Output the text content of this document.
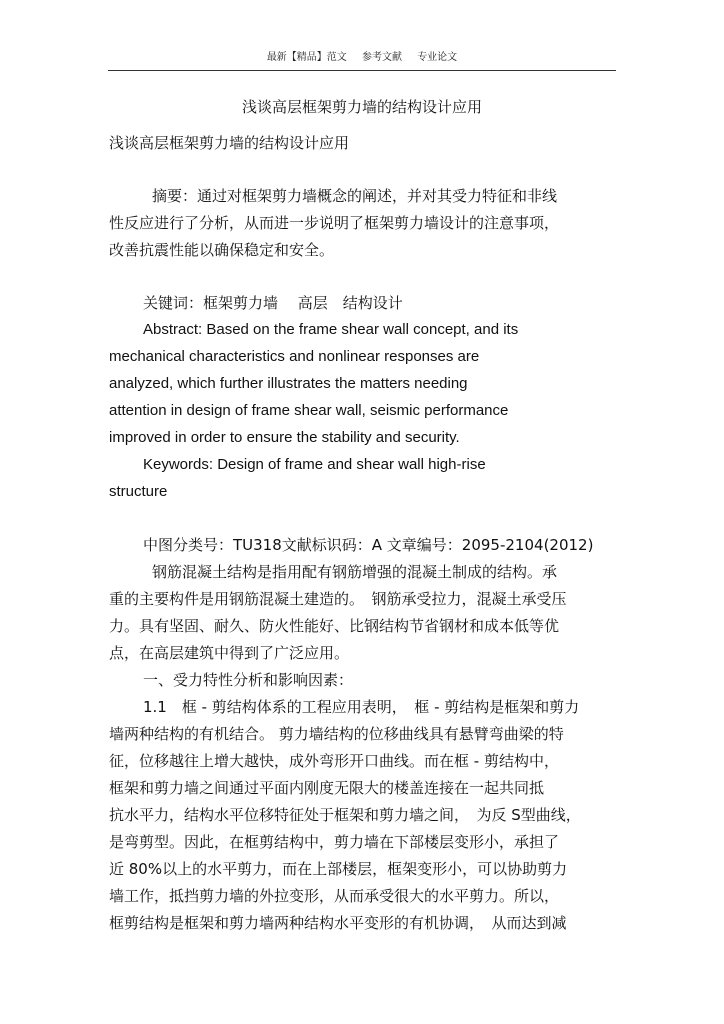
最新【精品】范文 参考文献 专业论文
浅谈高层框架剪力墙的结构设计应用
浅谈高层框架剪力墙的结构设计应用
摘要：通过对框架剪力墙概念的阐述，并对其受力特征和非线
性反应进行了分析，从而进一步说明了框架剪力墙设计的注意事项，
改善抗震性能以确保稳定和安全。
关键词：框架剪力墙　 高层　结构设计
Abstract: Based on the frame shear wall concept, and its
mechanical characteristics and nonlinear responses are
analyzed, which further illustrates the matters needing
attention in design of frame shear wall, seismic performance
improved in order to ensure the stability and security.
Keywords: Design of frame and shear wall high-rise
structure
中图分类号：TU318文献标识码：A 文章编号：2095-2104(2012)
钢筋混凝土结构是指用配有钢筋增强的混凝土制成的结构。承
重的主要构件是用钢筋混凝土建造的。　钢筋承受拉力，混凝土承受压
力。具有坚固、耐久、防火性能好、比钢结构节省钢材和成本低等优
点，在高层建筑中得到了广泛应用。
一、受力特性分析和影响因素：
1.1　框 - 剪结构体系的工程应用表明，　框 - 剪结构是框架和剪力
墙两种结构的有机结合。 剪力墙结构的位移曲线具有悬臂弯曲梁的特
征，位移越往上增大越快，成外弯形开口曲线。而在框 - 剪结构中，
框架和剪力墙之间通过平面内刚度无限大的楼盖连接在一起共同抵
抗水平力，结构水平位移特征处于框架和剪力墙之间，　为反 S型曲线，
是弯剪型。因此，在框剪结构中，剪力墙在下部楼层变形小，承担了
近 80%以上的水平剪力，而在上部楼层，框架变形小，可以协助剪力
墙工作，抵挡剪力墙的外拉变形，从而承受很大的水平剪力。所以，
框剪结构是框架和剪力墙两种结构水平变形的有机协调，　从而达到减
